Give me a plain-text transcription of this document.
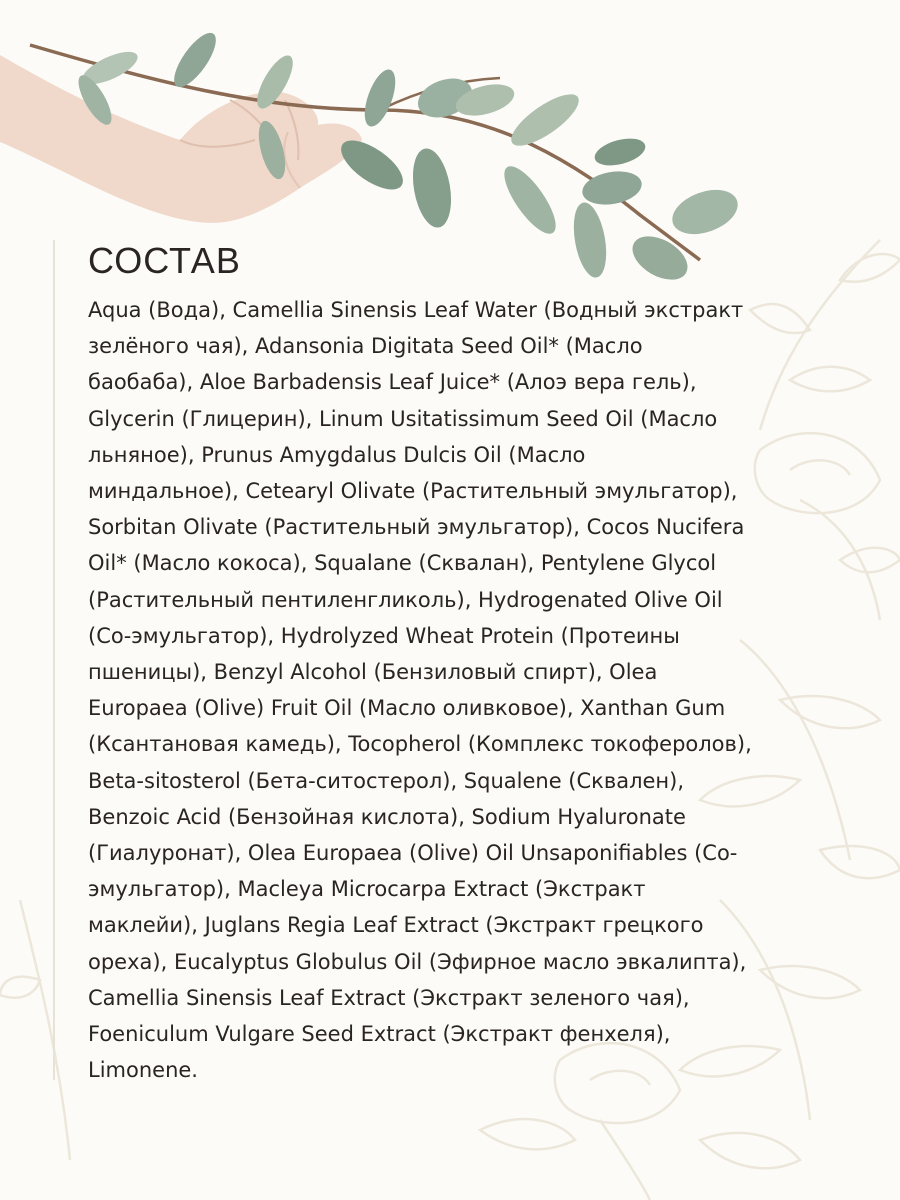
СОСТАВ
Aqua (Вода), Camellia Sinensis Leaf Water (Водный экстракт
зелёного чая), Adansonia Digitata Seed Oil* (Масло
баобаба), Aloe Barbadensis Leaf Juice* (Алоэ вера гель),
Glycerin (Глицерин), Linum Usitatissimum Seed Oil (Масло
льняное), Prunus Amygdalus Dulcis Oil (Масло
миндальное), Cetearyl Olivate (Растительный эмульгатор),
Sorbitan Olivate (Растительный эмульгатор), Cocos Nucifera
Oil* (Масло кокоса), Squalane (Сквалан), Pentylene Glycol
(Растительный пентиленгликоль), Hydrogenated Olive Oil
(Со-эмульгатор), Hydrolyzed Wheat Protein (Протеины
пшеницы), Benzyl Alcohol (Бензиловый спирт), Olea
Europaea (Olive) Fruit Oil (Масло оливковое), Xanthan Gum
(Ксантановая камедь), Tocopherol (Комплекс токоферолов),
Beta-sitosterol (Бета-ситостерол), Squalene (Сквален),
Benzoic Acid (Бензойная кислота), Sodium Hyaluronate
(Гиалуронат), Olea Europaea (Olive) Oil Unsaponifiables (Со-
эмульгатор), Macleya Microcarpa Extract (Экстракт
маклейи), Juglans Regia Leaf Extract (Экстракт грецкого
ореха), Eucalyptus Globulus Oil (Эфирное масло эвкалипта),
Camellia Sinensis Leaf Extract (Экстракт зеленого чая),
Foeniculum Vulgare Seed Extract (Экстракт фенхеля),
Limonene.
